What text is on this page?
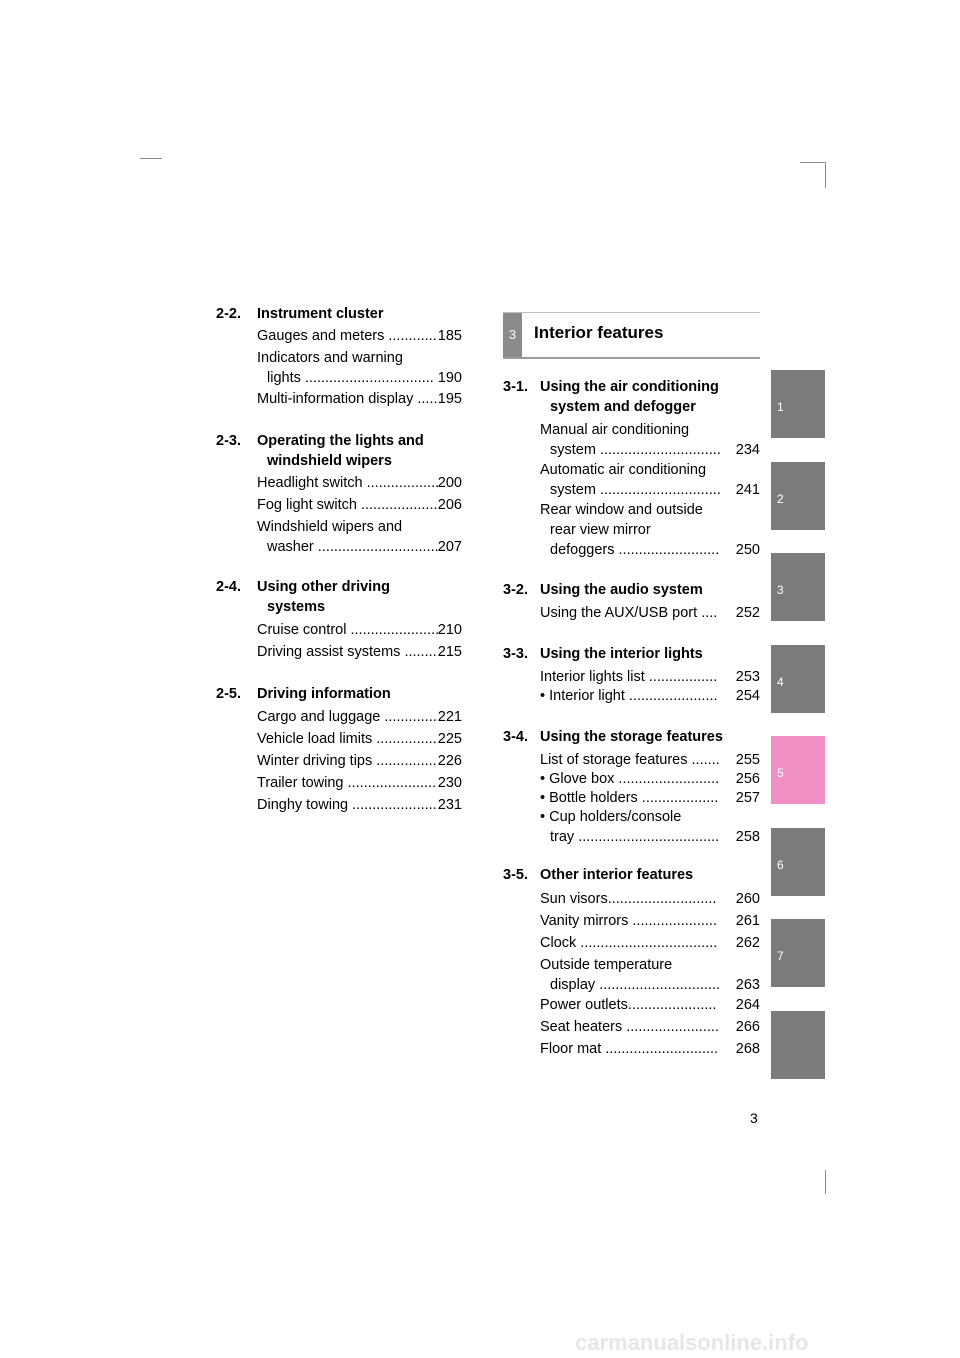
2-2. Instrument cluster
Gauges and meters ............ 185
Indicators and warning
lights ................................ 190
Multi-information display ..... 195
2-3. Operating the lights and
windshield wipers
Headlight switch ..................
200
Fog light switch ................... 206
Windshield wipers and
washer .............................. 207
2-4. Using other driving
systems
Cruise control ......................
210
Driving assist systems ........ 215
2-5. Driving information
Cargo and luggage ............. 221
Vehicle load limits ............... 225
Winter driving tips ............... 226
Trailer towing ...................... 230
Dinghy towing ..................... 231
3	Interior features
3-1. Using the air conditioning
system and defogger
Manual air conditioning
system .............................. 234
Automatic air conditioning
system .............................. 241
Rear window and outside
rear view mirror
defoggers ......................... 250
3-2. Using the audio system
Using the AUX/USB port .... 252
3-3. Using the interior lights
Interior lights list ................. 253
• Interior light ...................... 254
3-4. Using the storage features
List of storage features ....... 255
• Glove box ......................... 256
• Bottle holders ................... 257
• Cup holders/console
tray ................................... 258
3-5. Other interior features
Sun visors........................... 260
Vanity mirrors ..................... 261
Clock .................................. 262
Outside temperature
display .............................. 263
Power outlets...................... 264
Seat heaters ....................... 266
Floor mat ............................ 268
1
2
3
4
5
6
7
3
carmanualsonline.info
